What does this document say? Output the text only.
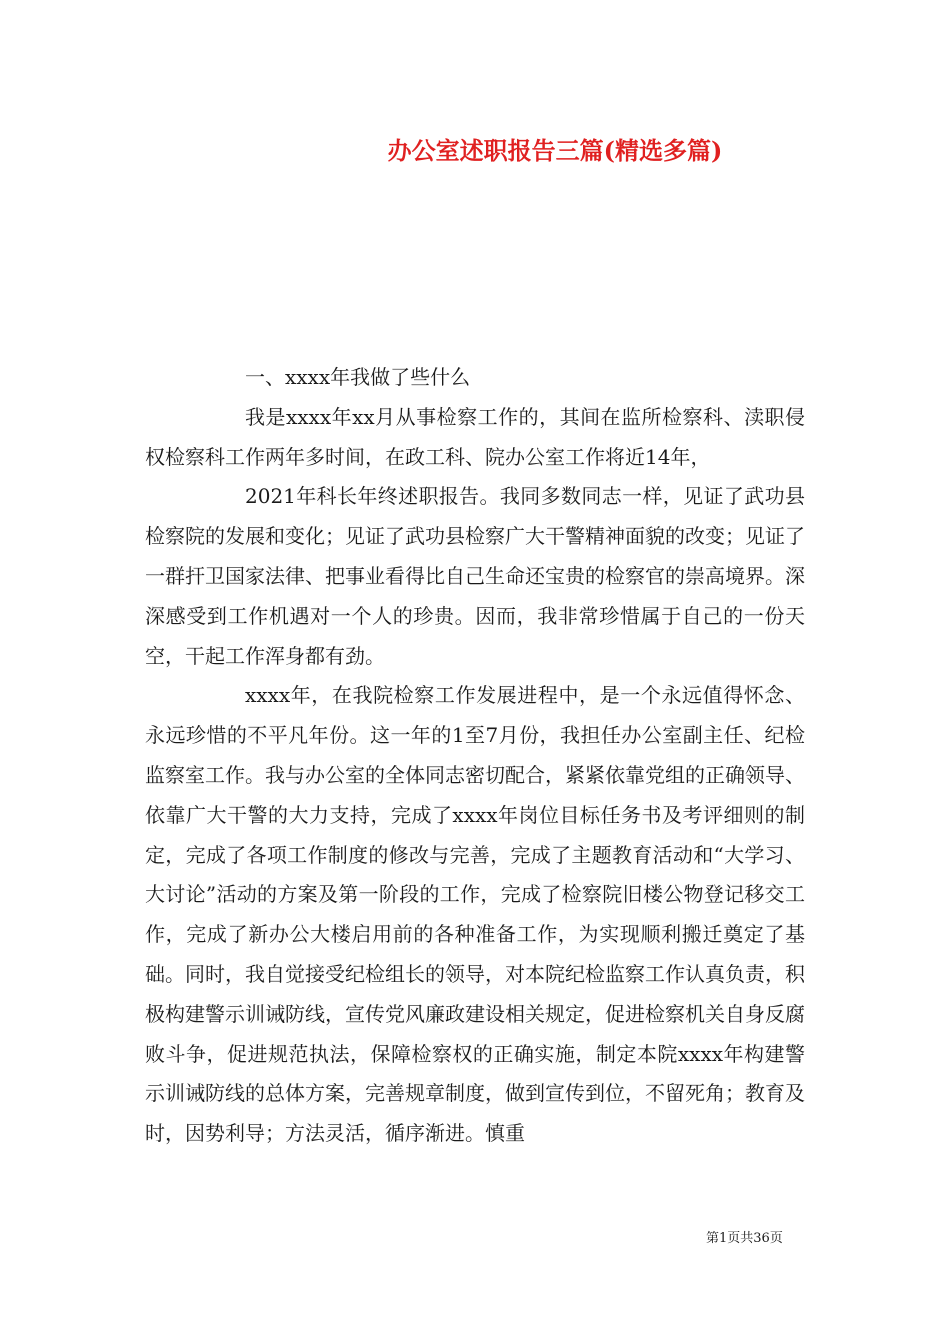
办公室述职报告三篇(精选多篇)

一、xxxx年我做了些什么

我是xxxx年xx月从事检察工作的，其间在监所检察科、渎职侵权检察科工作两年多时间，在政工科、院办公室工作将近14年，

2021年科长年终述职报告。我同多数同志一样，见证了武功县检察院的发展和变化；见证了武功县检察广大干警精神面貌的改变；见证了一群扞卫国家法律、把事业看得比自己生命还宝贵的检察官的崇高境界。深深感受到工作机遇对一个人的珍贵。因而，我非常珍惜属于自己的一份天空，干起工作浑身都有劲。

xxxx年，在我院检察工作发展进程中，是一个永远值得怀念、永远珍惜的不平凡年份。这一年的1至7月份，我担任办公室副主任、纪检监察室工作。我与办公室的全体同志密切配合，紧紧依靠党组的正确领导、依靠广大干警的大力支持，完成了xxxx年岗位目标任务书及考评细则的制定，完成了各项工作制度的修改与完善，完成了主题教育活动和“大学习、大讨论”活动的方案及第一阶段的工作，完成了检察院旧楼公物登记移交工作，完成了新办公大楼启用前的各种准备工作，为实现顺利搬迁奠定了基础。同时，我自觉接受纪检组长的领导，对本院纪检监察工作认真负责，积极构建警示训诫防线，宣传党风廉政建设相关规定，促进检察机关自身反腐败斗争，促进规范执法，保障检察权的正确实施，制定本院xxxx年构建警示训诫防线的总体方案，完善规章制度，做到宣传到位，不留死角；教育及时，因势利导；方法灵活，循序渐进。慎重

第1页共36页
